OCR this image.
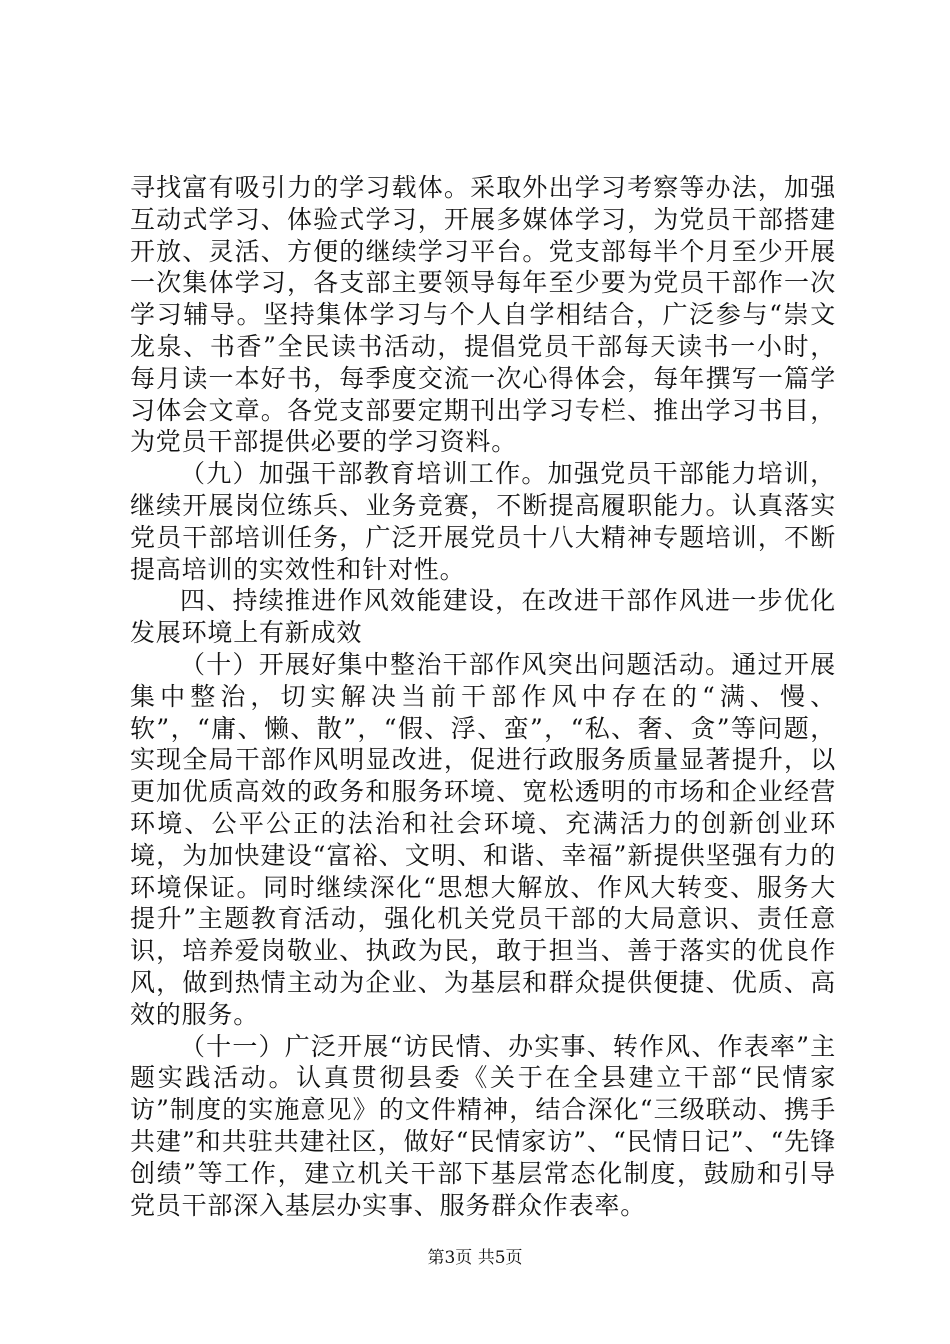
寻找富有吸引力的学习载体。采取外出学习考察等办法，加强互动式学习、体验式学习，开展多媒体学习，为党员干部搭建开放、灵活、方便的继续学习平台。党支部每半个月至少开展一次集体学习，各支部主要领导每年至少要为党员干部作一次学习辅导。坚持集体学习与个人自学相结合，广泛参与“崇文龙泉、书香”全民读书活动，提倡党员干部每天读书一小时，每月读一本好书，每季度交流一次心得体会，每年撰写一篇学习体会文章。各党支部要定期刊出学习专栏、推出学习书目，为党员干部提供必要的学习资料。

（九）加强干部教育培训工作。加强党员干部能力培训，继续开展岗位练兵、业务竞赛，不断提高履职能力。认真落实党员干部培训任务，广泛开展党员十八大精神专题培训，不断提高培训的实效性和针对性。

四、持续推进作风效能建设，在改进干部作风进一步优化发展环境上有新成效

（十）开展好集中整治干部作风突出问题活动。通过开展集中整治，切实解决当前干部作风中存在的“满、慢、软”，“庸、懒、散”，“假、浮、蛮”，“私、奢、贪”等问题，实现全局干部作风明显改进，促进行政服务质量显著提升，以更加优质高效的政务和服务环境、宽松透明的市场和企业经营环境、公平公正的法治和社会环境、充满活力的创新创业环境，为加快建设“富裕、文明、和谐、幸福”新提供坚强有力的环境保证。同时继续深化“思想大解放、作风大转变、服务大提升”主题教育活动，强化机关党员干部的大局意识、责任意识，培养爱岗敬业、执政为民，敢于担当、善于落实的优良作风，做到热情主动为企业、为基层和群众提供便捷、优质、高效的服务。

（十一）广泛开展“访民情、办实事、转作风、作表率”主题实践活动。认真贯彻县委《关于在全县建立干部“民情家访”制度的实施意见》的文件精神，结合深化“三级联动、携手共建”和共驻共建社区，做好“民情家访”、“民情日记”、“先锋创绩”等工作，建立机关干部下基层常态化制度，鼓励和引导党员干部深入基层办实事、服务群众作表率。

第3页 共5页
